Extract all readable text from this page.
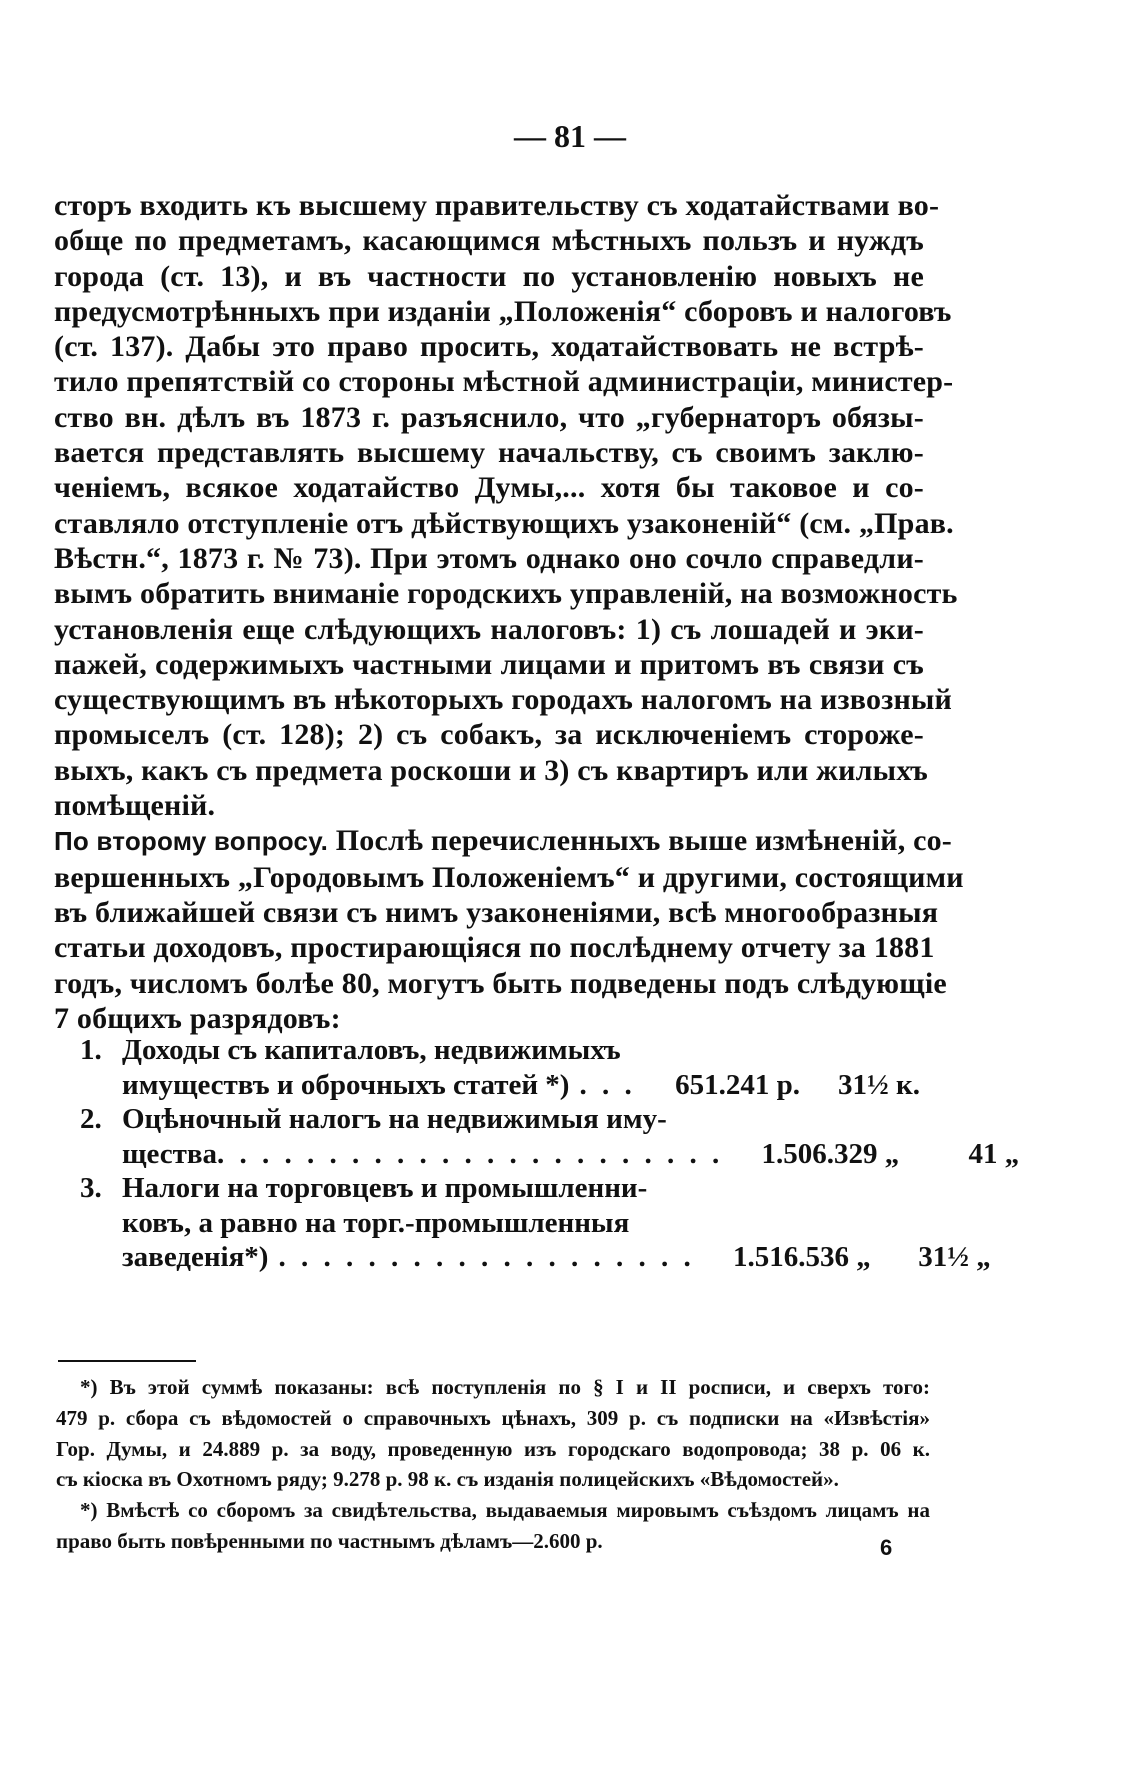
— 81 —
сторъ входить къ высшему правительству съ ходатайствами во-
обще по предметамъ, касающимся мѣстныхъ пользъ и нуждъ
города (ст. 13), и въ частности по установленію новыхъ не
предусмотрѣнныхъ при изданіи „Положенія“ сборовъ и налоговъ
(ст. 137). Дабы это право просить, ходатайствовать не встрѣ-
тило препятствій со стороны мѣстной администраціи, министер-
ство вн. дѣлъ въ 1873 г. разъяснило, что „губернаторъ обязы-
вается представлять высшему начальству, съ своимъ заклю-
ченіемъ, всякое ходатайство Думы,... хотя бы таковое и со-
ставляло отступленіе отъ дѣйствующихъ узаконеній“ (см. „Прав.
Вѣстн.“, 1873 г. № 73). При этомъ однако оно сочло справедли-
вымъ обратить вниманіе городскихъ управленій, на возможность
установленія еще слѣдующихъ налоговъ: 1) съ лошадей и эки-
пажей, содержимыхъ частными лицами и притомъ въ связи съ
существующимъ въ нѣкоторыхъ городахъ налогомъ на извозный
промыселъ (ст. 128); 2) съ собакъ, за исключеніемъ стороже-
выхъ, какъ съ предмета роскоши и 3) съ квартиръ или жилыхъ
помѣщеній.
По второму вопросу. Послѣ перечисленныхъ выше измѣненій, со-
вершенныхъ „Городовымъ Положеніемъ“ и другими, состоящими
въ ближайшей связи съ нимъ узаконеніями, всѣ многообразныя
статьи доходовъ, простирающіяся по послѣднему отчету за 1881
годъ, числомъ болѣе 80, могутъ быть подведены подъ слѣдующіе
7 общихъ разрядовъ:
1. Доходы съ капиталовъ, недвижимыхъ
имуществъ и оброчныхъ статей *) . . .	651.241 р.	31½ к.
2. Оцѣночный налогъ на недвижимыя иму-
щества . . . . . . . . . . . . . . . . . . . . . . .	1.506.329 „	41 „
3. Налоги на торговцевъ и промышленни-
ковъ, а равно на торг.-промышленныя
заведенія*) . . . . . . . . . . . . . . . . . . .	1.516.536 „	31½ „
*) Въ этой суммѣ показаны: всѣ поступленія по § I и II росписи, и сверхъ того:
479 р. сбора съ вѣдомостей о справочныхъ цѣнахъ, 309 р. съ подписки на «Извѣстія»
Гор. Думы, и 24.889 р. за воду, проведенную изъ городскаго водопровода; 38 р. 06 к.
съ кіоска въ Охотномъ ряду; 9.278 р. 98 к. съ изданія полицейскихъ «Вѣдомостей».
*) Вмѣстѣ со сборомъ за свидѣтельства, выдаваемыя мировымъ съѣздомъ лицамъ на
право быть повѣренными по частнымъ дѣламъ—2.600 р.	6
